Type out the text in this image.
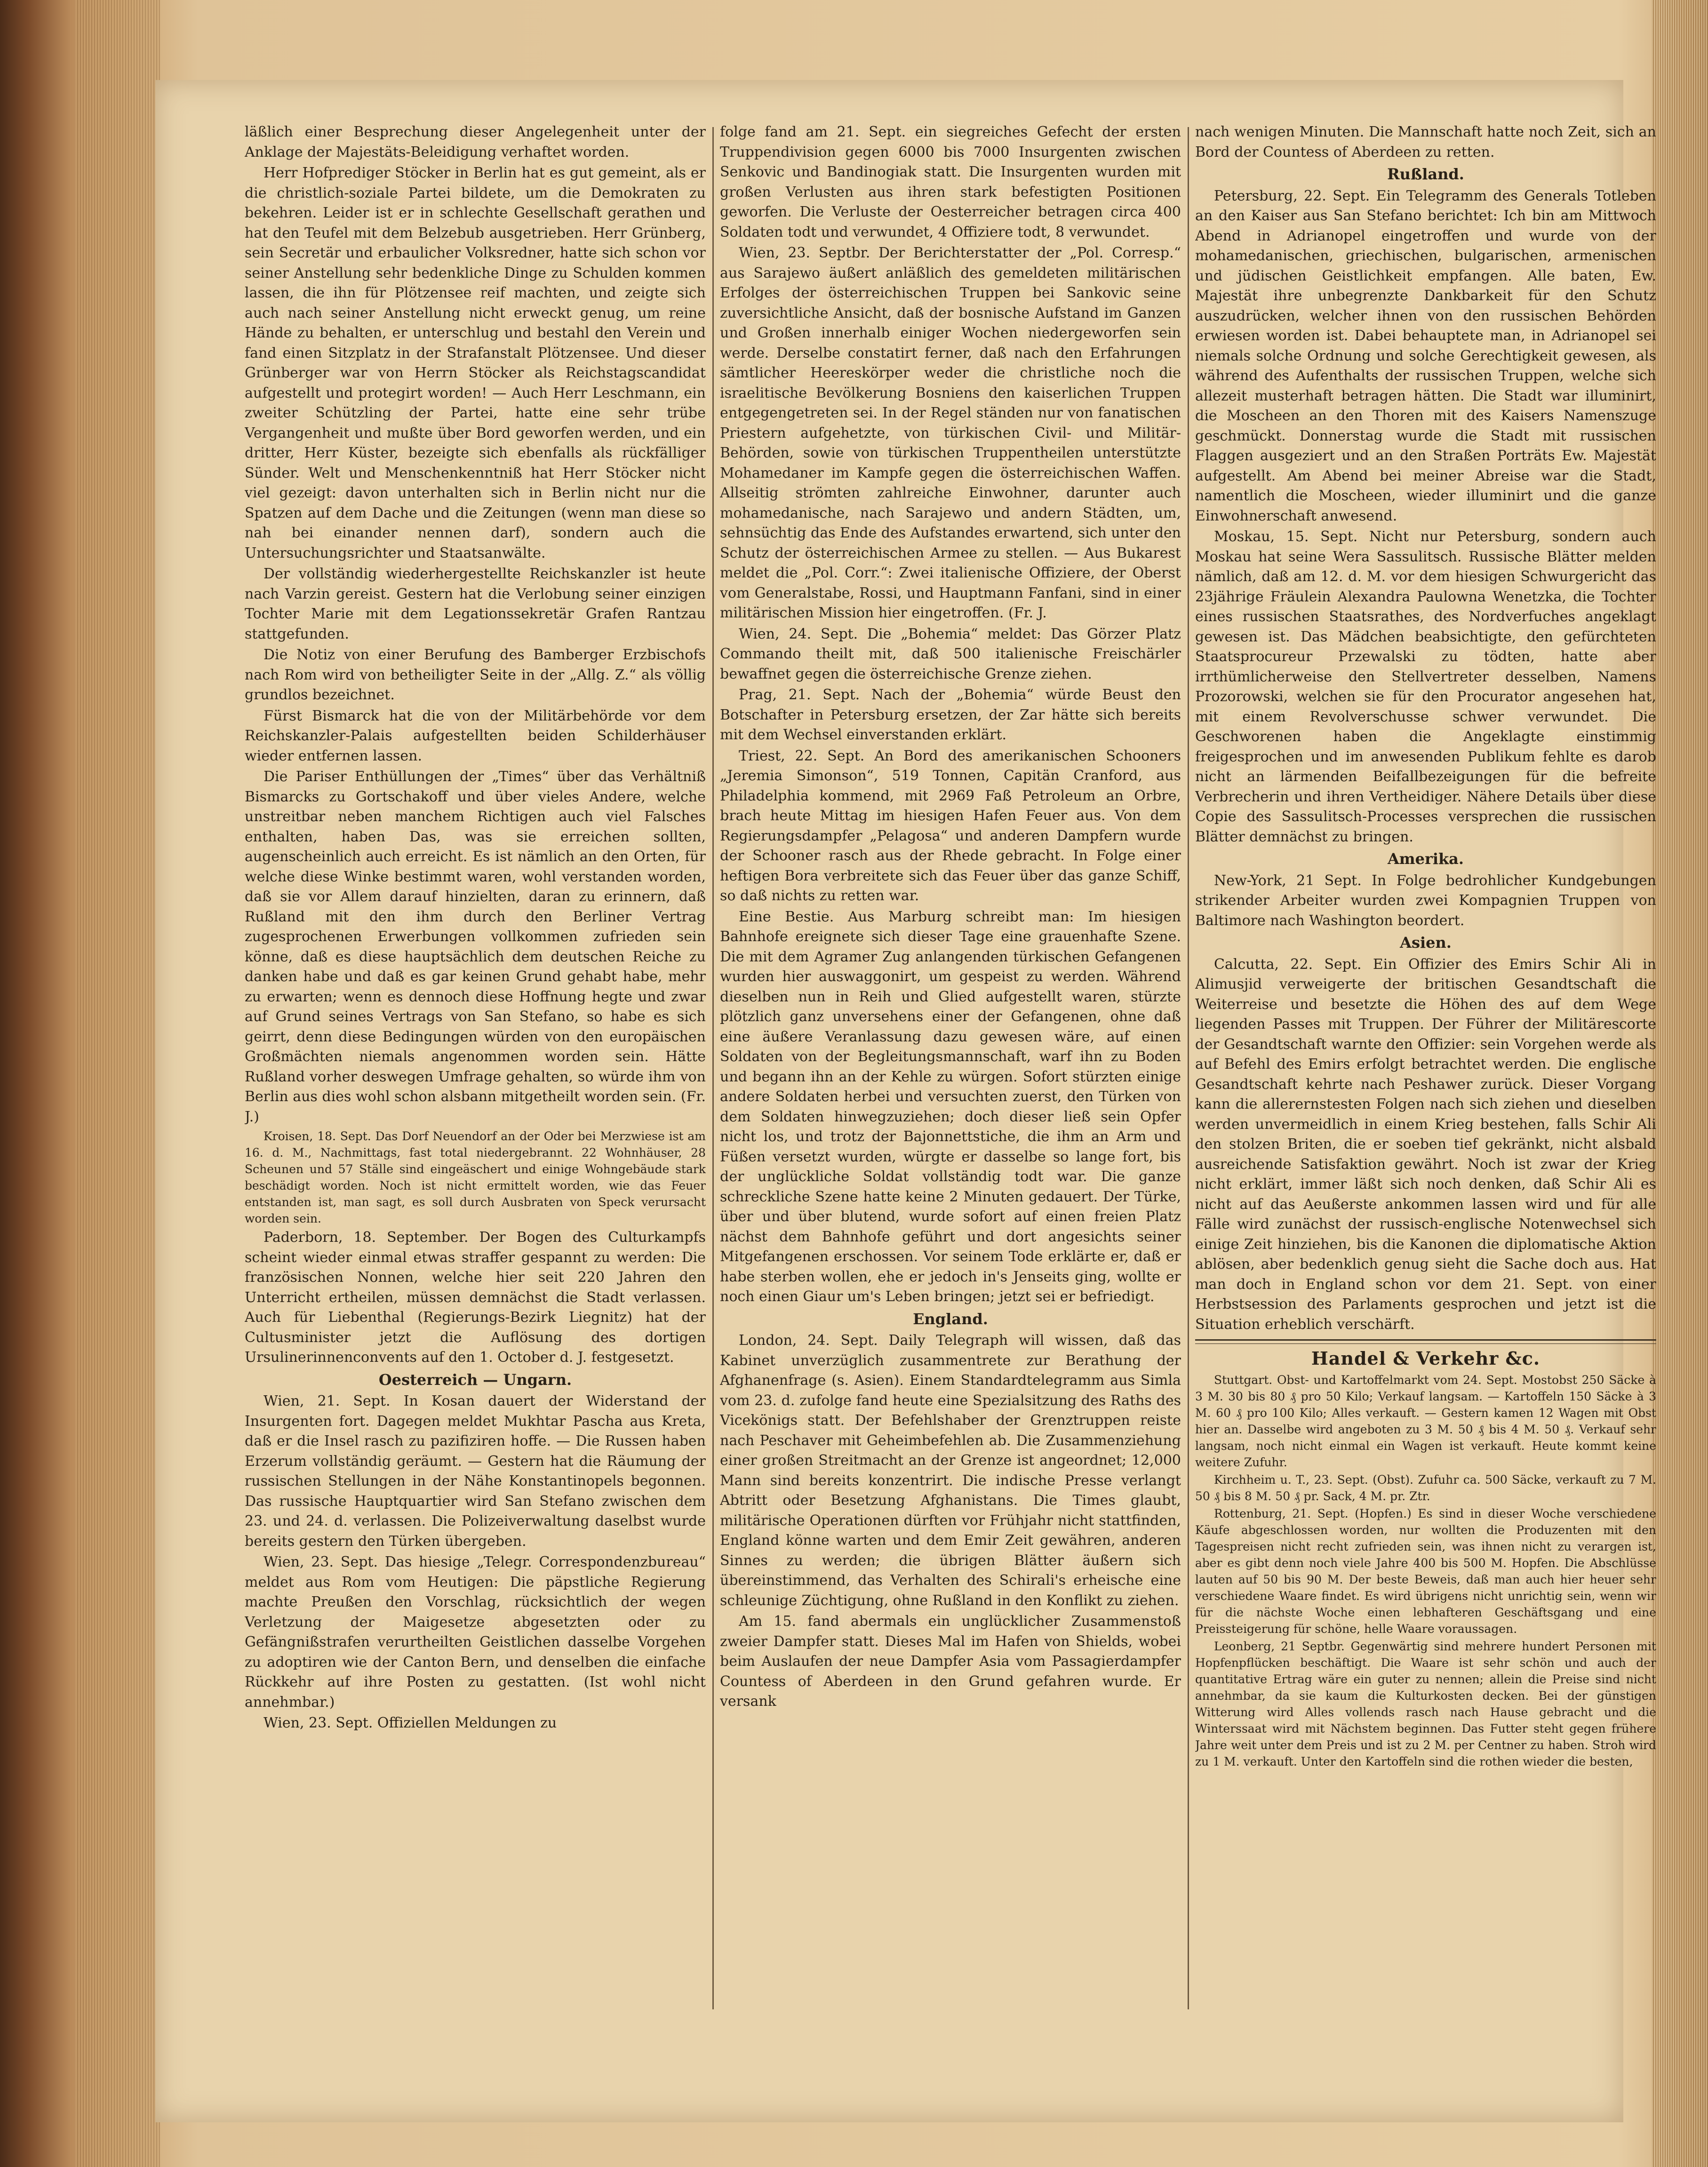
läßlich einer Besprechung dieser Angelegenheit unter der Anklage der Majestäts-Beleidigung verhaftet worden.

Herr Hofprediger Stöcker in Berlin hat es gut gemeint, als er die christlich-soziale Partei bildete, um die Demokraten zu bekehren. Leider ist er in schlechte Gesellschaft gerathen und hat den Teufel mit dem Belzebub ausgetrieben. Herr Grünberg, sein Secretär und erbaulicher Volksredner, hatte sich schon vor seiner Anstellung sehr bedenkliche Dinge zu Schulden kommen lassen, die ihn für Plötzensee reif machten, und zeigte sich auch nach seiner Anstellung nicht erweckt genug, um reine Hände zu behalten, er unterschlug und bestahl den Verein und fand einen Sitzplatz in der Strafanstalt Plötzensee. Und dieser Grünberger war von Herrn Stöcker als Reichstagscandidat aufgestellt und protegirt worden! — Auch Herr Leschmann, ein zweiter Schützling der Partei, hatte eine sehr trübe Vergangenheit und mußte über Bord geworfen werden, und ein dritter, Herr Küster, bezeigte sich ebenfalls als rückfälliger Sünder. Welt und Menschenkenntniß hat Herr Stöcker nicht viel gezeigt: davon unterhalten sich in Berlin nicht nur die Spatzen auf dem Dache und die Zeitungen (wenn man diese so nah bei einander nennen darf), sondern auch die Untersuchungsrichter und Staatsanwälte.

Der vollständig wiederhergestellte Reichskanzler ist heute nach Varzin gereist. Gestern hat die Verlobung seiner einzigen Tochter Marie mit dem Legationssekretär Grafen Rantzau stattgefunden.

Die Notiz von einer Berufung des Bamberger Erzbischofs nach Rom wird von betheiligter Seite in der „Allg. Z.“ als völlig grundlos bezeichnet.

Fürst Bismarck hat die von der Militärbehörde vor dem Reichskanzler-Palais aufgestellten beiden Schilderhäuser wieder entfernen lassen.

Die Pariser Enthüllungen der „Times“ über das Verhältniß Bismarcks zu Gortschakoff und über vieles Andere, welche unstreitbar neben manchem Richtigen auch viel Falsches enthalten, haben Das, was sie erreichen sollten, augenscheinlich auch erreicht. Es ist nämlich an den Orten, für welche diese Winke bestimmt waren, wohl verstanden worden, daß sie vor Allem darauf hinzielten, daran zu erinnern, daß Rußland mit den ihm durch den Berliner Vertrag zugesprochenen Erwerbungen vollkommen zufrieden sein könne, daß es diese hauptsächlich dem deutschen Reiche zu danken habe und daß es gar keinen Grund gehabt habe, mehr zu erwarten; wenn es dennoch diese Hoffnung hegte und zwar auf Grund seines Vertrags von San Stefano, so habe es sich geirrt, denn diese Bedingungen würden von den europäischen Großmächten niemals angenommen worden sein. Hätte Rußland vorher deswegen Umfrage gehalten, so würde ihm von Berlin aus dies wohl schon alsbann mitgetheilt worden sein. (Fr. J.)

Kroisen, 18. Sept. Das Dorf Neuendorf an der Oder bei Merzwiese ist am 16. d. M., Nachmittags, fast total niedergebrannt. 22 Wohnhäuser, 28 Scheunen und 57 Ställe sind eingeäschert und einige Wohngebäude stark beschädigt worden. Noch ist nicht ermittelt worden, wie das Feuer entstanden ist, man sagt, es soll durch Ausbraten von Speck verursacht worden sein.

Paderborn, 18. September. Der Bogen des Culturkampfs scheint wieder einmal etwas straffer gespannt zu werden: Die französischen Nonnen, welche hier seit 220 Jahren den Unterricht ertheilen, müssen demnächst die Stadt verlassen. Auch für Liebenthal (Regierungs-Bezirk Liegnitz) hat der Cultusminister jetzt die Auflösung des dortigen Ursulinerinnenconvents auf den 1. October d. J. festgesetzt.

Oesterreich — Ungarn.

Wien, 21. Sept. In Kosan dauert der Widerstand der Insurgenten fort. Dagegen meldet Mukhtar Pascha aus Kreta, daß er die Insel rasch zu pazifiziren hoffe. — Die Russen haben Erzerum vollständig geräumt. — Gestern hat die Räumung der russischen Stellungen in der Nähe Konstantinopels begonnen. Das russische Hauptquartier wird San Stefano zwischen dem 23. und 24. d. verlassen. Die Polizeiverwaltung daselbst wurde bereits gestern den Türken übergeben.

Wien, 23. Sept. Das hiesige „Telegr. Correspondenzbureau“ meldet aus Rom vom Heutigen: Die päpstliche Regierung machte Preußen den Vorschlag, rücksichtlich der wegen Verletzung der Maigesetze abgesetzten oder zu Gefängnißstrafen verurtheilten Geistlichen dasselbe Vorgehen zu adoptiren wie der Canton Bern, und denselben die einfache Rückkehr auf ihre Posten zu gestatten. (Ist wohl nicht annehmbar.)

Wien, 23. Sept. Offiziellen Meldungen zu

folge fand am 21. Sept. ein siegreiches Gefecht der ersten Truppendivision gegen 6000 bis 7000 Insurgenten zwischen Senkovic und Bandinogiak statt. Die Insurgenten wurden mit großen Verlusten aus ihren stark befestigten Positionen geworfen. Die Verluste der Oesterreicher betragen circa 400 Soldaten todt und verwundet, 4 Offiziere todt, 8 verwundet.

Wien, 23. Septbr. Der Berichterstatter der „Pol. Corresp.“ aus Sarajewo äußert anläßlich des gemeldeten militärischen Erfolges der österreichischen Truppen bei Sankovic seine zuversichtliche Ansicht, daß der bosnische Aufstand im Ganzen und Großen innerhalb einiger Wochen niedergeworfen sein werde. Derselbe constatirt ferner, daß nach den Erfahrungen sämtlicher Heereskörper weder die christliche noch die israelitische Bevölkerung Bosniens den kaiserlichen Truppen entgegengetreten sei. In der Regel ständen nur von fanatischen Priestern aufgehetzte, von türkischen Civil- und Militär-Behörden, sowie von türkischen Truppentheilen unterstützte Mohamedaner im Kampfe gegen die österreichischen Waffen. Allseitig strömten zahlreiche Einwohner, darunter auch mohamedanische, nach Sarajewo und andern Städten, um, sehnsüchtig das Ende des Aufstandes erwartend, sich unter den Schutz der österreichischen Armee zu stellen. — Aus Bukarest meldet die „Pol. Corr.“: Zwei italienische Offiziere, der Oberst vom Generalstabe, Rossi, und Hauptmann Fanfani, sind in einer militärischen Mission hier eingetroffen. (Fr. J.

Wien, 24. Sept. Die „Bohemia“ meldet: Das Görzer Platz Commando theilt mit, daß 500 italienische Freischärler bewaffnet gegen die österreichische Grenze ziehen.

Prag, 21. Sept. Nach der „Bohemia“ würde Beust den Botschafter in Petersburg ersetzen, der Zar hätte sich bereits mit dem Wechsel einverstanden erklärt.

Triest, 22. Sept. An Bord des amerikanischen Schooners „Jeremia Simonson“, 519 Tonnen, Capitän Cranford, aus Philadelphia kommend, mit 2969 Faß Petroleum an Orbre, brach heute Mittag im hiesigen Hafen Feuer aus. Von dem Regierungsdampfer „Pelagosa“ und anderen Dampfern wurde der Schooner rasch aus der Rhede gebracht. In Folge einer heftigen Bora verbreitete sich das Feuer über das ganze Schiff, so daß nichts zu retten war.

Eine Bestie. Aus Marburg schreibt man: Im hiesigen Bahnhofe ereignete sich dieser Tage eine grauenhafte Szene. Die mit dem Agramer Zug anlangenden türkischen Gefangenen wurden hier auswaggonirt, um gespeist zu werden. Während dieselben nun in Reih und Glied aufgestellt waren, stürzte plötzlich ganz unversehens einer der Gefangenen, ohne daß eine äußere Veranlassung dazu gewesen wäre, auf einen Soldaten von der Begleitungsmannschaft, warf ihn zu Boden und begann ihn an der Kehle zu würgen. Sofort stürzten einige andere Soldaten herbei und versuchten zuerst, den Türken von dem Soldaten hinwegzuziehen; doch dieser ließ sein Opfer nicht los, und trotz der Bajonnettstiche, die ihm an Arm und Füßen versetzt wurden, würgte er dasselbe so lange fort, bis der unglückliche Soldat vollständig todt war. Die ganze schreckliche Szene hatte keine 2 Minuten gedauert. Der Türke, über und über blutend, wurde sofort auf einen freien Platz nächst dem Bahnhofe geführt und dort angesichts seiner Mitgefangenen erschossen. Vor seinem Tode erklärte er, daß er habe sterben wollen, ehe er jedoch in's Jenseits ging, wollte er noch einen Giaur um's Leben bringen; jetzt sei er befriedigt.

England.

London, 24. Sept. Daily Telegraph will wissen, daß das Kabinet unverzüglich zusammentrete zur Berathung der Afghanenfrage (s. Asien). Einem Standardtelegramm aus Simla vom 23. d. zufolge fand heute eine Spezialsitzung des Raths des Vicekönigs statt. Der Befehlshaber der Grenztruppen reiste nach Peschaver mit Geheimbefehlen ab. Die Zusammenziehung einer großen Streitmacht an der Grenze ist angeordnet; 12,000 Mann sind bereits konzentrirt. Die indische Presse verlangt Abtritt oder Besetzung Afghanistans. Die Times glaubt, militärische Operationen dürften vor Frühjahr nicht stattfinden, England könne warten und dem Emir Zeit gewähren, anderen Sinnes zu werden; die übrigen Blätter äußern sich übereinstimmend, das Verhalten des Schirali's erheische eine schleunige Züchtigung, ohne Rußland in den Konflikt zu ziehen.

Am 15. fand abermals ein unglücklicher Zusammenstoß zweier Dampfer statt. Dieses Mal im Hafen von Shields, wobei beim Auslaufen der neue Dampfer Asia vom Passagierdampfer Countess of Aberdeen in den Grund gefahren wurde. Er versank

nach wenigen Minuten. Die Mannschaft hatte noch Zeit, sich an Bord der Countess of Aberdeen zu retten.

Rußland.

Petersburg, 22. Sept. Ein Telegramm des Generals Totleben an den Kaiser aus San Stefano berichtet: Ich bin am Mittwoch Abend in Adrianopel eingetroffen und wurde von der mohamedanischen, griechischen, bulgarischen, armenischen und jüdischen Geistlichkeit empfangen. Alle baten, Ew. Majestät ihre unbegrenzte Dankbarkeit für den Schutz auszudrücken, welcher ihnen von den russischen Behörden erwiesen worden ist. Dabei behauptete man, in Adrianopel sei niemals solche Ordnung und solche Gerechtigkeit gewesen, als während des Aufenthalts der russischen Truppen, welche sich allezeit musterhaft betragen hätten. Die Stadt war illuminirt, die Moscheen an den Thoren mit des Kaisers Namenszuge geschmückt. Donnerstag wurde die Stadt mit russischen Flaggen ausgeziert und an den Straßen Porträts Ew. Majestät aufgestellt. Am Abend bei meiner Abreise war die Stadt, namentlich die Moscheen, wieder illuminirt und die ganze Einwohnerschaft anwesend.

Moskau, 15. Sept. Nicht nur Petersburg, sondern auch Moskau hat seine Wera Sassulitsch. Russische Blätter melden nämlich, daß am 12. d. M. vor dem hiesigen Schwurgericht das 23jährige Fräulein Alexandra Paulowna Wenetzka, die Tochter eines russischen Staatsrathes, des Nordverfuches angeklagt gewesen ist. Das Mädchen beabsichtigte, den gefürchteten Staatsprocureur Przewalski zu tödten, hatte aber irrthümlicherweise den Stellvertreter desselben, Namens Prozorowski, welchen sie für den Procurator angesehen hat, mit einem Revolverschusse schwer verwundet. Die Geschworenen haben die Angeklagte einstimmig freigesprochen und im anwesenden Publikum fehlte es darob nicht an lärmenden Beifallbezeigungen für die befreite Verbrecherin und ihren Vertheidiger. Nähere Details über diese Copie des Sassulitsch-Processes versprechen die russischen Blätter demnächst zu bringen.

Amerika.

New-York, 21 Sept. In Folge bedrohlicher Kundgebungen strikender Arbeiter wurden zwei Kompagnien Truppen von Baltimore nach Washington beordert.

Asien.

Calcutta, 22. Sept. Ein Offizier des Emirs Schir Ali in Alimusjid verweigerte der britischen Gesandtschaft die Weiterreise und besetzte die Höhen des auf dem Wege liegenden Passes mit Truppen. Der Führer der Militärescorte der Gesandtschaft warnte den Offizier: sein Vorgehen werde als auf Befehl des Emirs erfolgt betrachtet werden. Die englische Gesandtschaft kehrte nach Peshawer zurück. Dieser Vorgang kann die allerernstesten Folgen nach sich ziehen und dieselben werden unvermeidlich in einem Krieg bestehen, falls Schir Ali den stolzen Briten, die er soeben tief gekränkt, nicht alsbald ausreichende Satisfaktion gewährt. Noch ist zwar der Krieg nicht erklärt, immer läßt sich noch denken, daß Schir Ali es nicht auf das Aeußerste ankommen lassen wird und für alle Fälle wird zunächst der russisch-englische Notenwechsel sich einige Zeit hinziehen, bis die Kanonen die diplomatische Aktion ablösen, aber bedenklich genug sieht die Sache doch aus. Hat man doch in England schon vor dem 21. Sept. von einer Herbstsession des Parlaments gesprochen und jetzt ist die Situation erheblich verschärft.

Handel & Verkehr &c.

Stuttgart. Obst- und Kartoffelmarkt vom 24. Sept. Mostobst 250 Säcke à 3 M. 30 bis 80 ₰ pro 50 Kilo; Verkauf langsam. — Kartoffeln 150 Säcke à 3 M. 60 ₰ pro 100 Kilo; Alles verkauft. — Gestern kamen 12 Wagen mit Obst hier an. Dasselbe wird angeboten zu 3 M. 50 ₰ bis 4 M. 50 ₰. Verkauf sehr langsam, noch nicht einmal ein Wagen ist verkauft. Heute kommt keine weitere Zufuhr.

Kirchheim u. T., 23. Sept. (Obst). Zufuhr ca. 500 Säcke, verkauft zu 7 M. 50 ₰ bis 8 M. 50 ₰ pr. Sack, 4 M. pr. Ztr.

Rottenburg, 21. Sept. (Hopfen.) Es sind in dieser Woche verschiedene Käufe abgeschlossen worden, nur wollten die Produzenten mit den Tagespreisen nicht recht zufrieden sein, was ihnen nicht zu verargen ist, aber es gibt denn noch viele Jahre 400 bis 500 M. Hopfen. Die Abschlüsse lauten auf 50 bis 90 M. Der beste Beweis, daß man auch hier heuer sehr verschiedene Waare findet. Es wird übrigens nicht unrichtig sein, wenn wir für die nächste Woche einen lebhafteren Geschäftsgang und eine Preissteigerung für schöne, helle Waare voraussagen.

Leonberg, 21 Septbr. Gegenwärtig sind mehrere hundert Personen mit Hopfenpflücken beschäftigt. Die Waare ist sehr schön und auch der quantitative Ertrag wäre ein guter zu nennen; allein die Preise sind nicht annehmbar, da sie kaum die Kulturkosten decken. Bei der günstigen Witterung wird Alles vollends rasch nach Hause gebracht und die Winterssaat wird mit Nächstem beginnen. Das Futter steht gegen frühere Jahre weit unter dem Preis und ist zu 2 M. per Centner zu haben. Stroh wird zu 1 M. verkauft. Unter den Kartoffeln sind die rothen wieder die besten,
